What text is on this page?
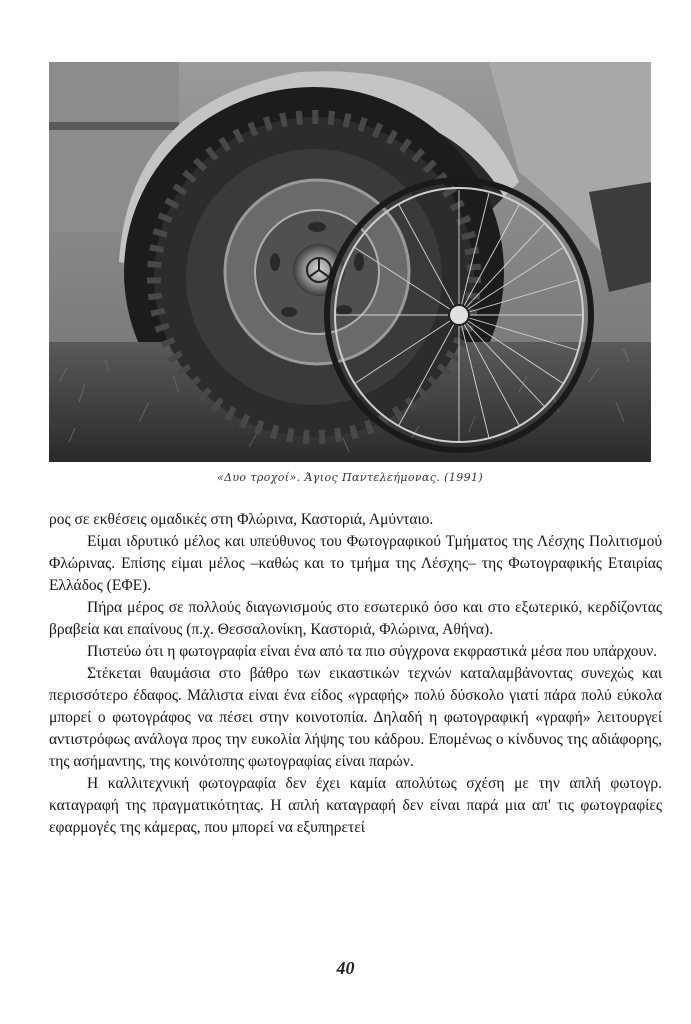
«Δυο τροχοί». Άγιος Παντελεήμονας. (1991)

ρος σε εκθέσεις ομαδικές στη Φλώρινα, Καστοριά, Αμύνταιο.

Είμαι ιδρυτικό μέλος και υπεύθυνος του Φωτογραφικού Τμήματος της Λέσχης Πολιτισμού Φλώρινας. Επίσης είμαι μέλος –καθώς και το τμήμα της Λέσχης– της Φωτογραφικής Εταιρίας Ελλάδος (ΕΦΕ).

Πήρα μέρος σε πολλούς διαγωνισμούς στο εσωτερικό όσο και στο εξωτερικό, κερδίζοντας βραβεία και επαίνους (π.χ. Θεσσαλονίκη, Καστοριά, Φλώρινα, Αθήνα).

Πιστεύω ότι η φωτογραφία είναι ένα από τα πιο σύγχρονα εκφραστικά μέσα που υπάρχουν.

Στέκεται θαυμάσια στο βάθρο των εικαστικών τεχνών καταλαμβάνοντας συνεχώς και περισσότερο έδαφος. Μάλιστα είναι ένα είδος «γραφής» πολύ δύσκολο γιατί πάρα πολύ εύκολα μπορεί ο φωτογράφος να πέσει στην κοινοτοπία. Δηλαδή η φωτογραφική «γραφή» λειτουργεί αντιστρόφως ανάλογα προς την ευκολία λήψης του κάδρου. Επομένως ο κίνδυνος της αδιάφορης, της ασήμαντης, της κοινότοπης φωτογραφίας είναι παρών.

Η καλλιτεχνική φωτογραφία δεν έχει καμία απολύτως σχέση με την απλή φωτογρ. καταγραφή της πραγματικότητας. Η απλή καταγραφή δεν είναι παρά μια απ' τις φωτογραφίες εφαρμογές της κάμερας, που μπορεί να εξυπηρετεί

40
